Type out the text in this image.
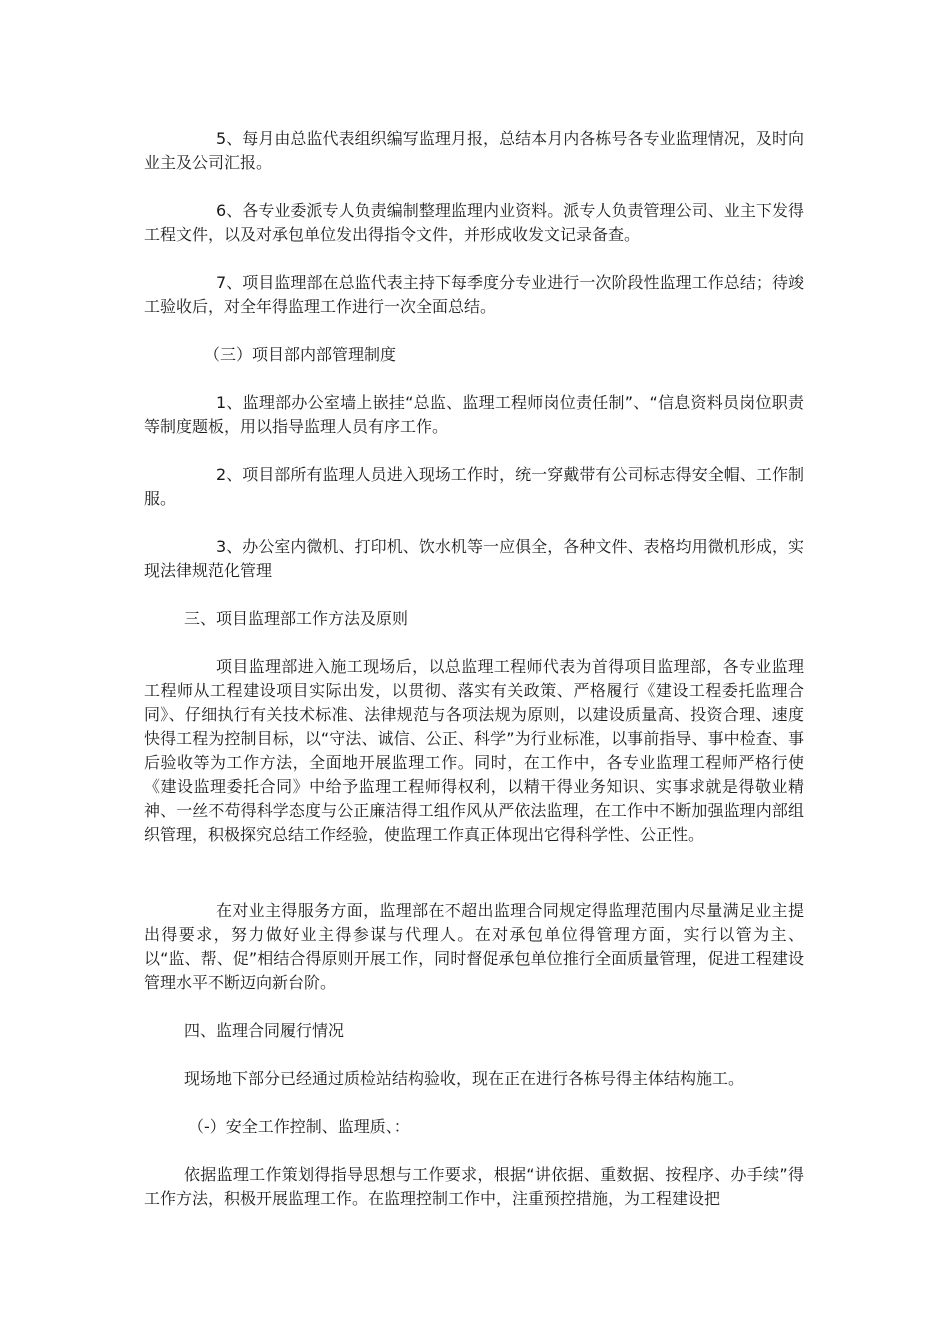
5、每月由总监代表组织编写监理月报，总结本月内各栋号各专业监理情况，及时向业主及公司汇报。

6、各专业委派专人负责编制整理监理内业资料。派专人负责管理公司、业主下发得工程文件，以及对承包单位发出得指令文件，并形成收发文记录备查。

7、项目监理部在总监代表主持下每季度分专业进行一次阶段性监理工作总结；待竣工验收后，对全年得监理工作进行一次全面总结。

（三）项目部内部管理制度

1、监理部办公室墙上嵌挂“总监、监理工程师岗位责任制”、“信息资料员岗位职责等制度题板，用以指导监理人员有序工作。

2、项目部所有监理人员进入现场工作时，统一穿戴带有公司标志得安全帽、工作制服。

3、办公室内微机、打印机、饮水机等一应俱全，各种文件、表格均用微机形成，实现法律规范化管理

三、项目监理部工作方法及原则

项目监理部进入施工现场后，以总监理工程师代表为首得项目监理部，各专业监理工程师从工程建设项目实际出发，以贯彻、落实有关政策、严格履行《建设工程委托监理合同》、仔细执行有关技术标准、法律规范与各项法规为原则，以建设质量高、投资合理、速度快得工程为控制目标，以“守法、诚信、公正、科学”为行业标准，以事前指导、事中检查、事后验收等为工作方法，全面地开展监理工作。同时，在工作中，各专业监理工程师严格行使《建设监理委托合同》中给予监理工程师得权利，以精干得业务知识、实事求就是得敬业精神、一丝不苟得科学态度与公正廉洁得工组作风从严依法监理，在工作中不断加强监理内部组织管理，积极探究总结工作经验，使监理工作真正体现出它得科学性、公正性。

在对业主得服务方面，监理部在不超出监理合同规定得监理范围内尽量满足业主提出得要求，努力做好业主得参谋与代理人。在对承包单位得管理方面，实行以管为主、以“监、帮、促”相结合得原则开展工作，同时督促承包单位推行全面质量管理，促进工程建设管理水平不断迈向新台阶。

四、监理合同履行情况

现场地下部分已经通过质检站结构验收，现在正在进行各栋号得主体结构施工。

（-）安全工作控制、监理质、：

依据监理工作策划得指导思想与工作要求，根据“讲依据、重数据、按程序、办手续”得工作方法，积极开展监理工作。在监理控制工作中，注重预控措施，为工程建设把
